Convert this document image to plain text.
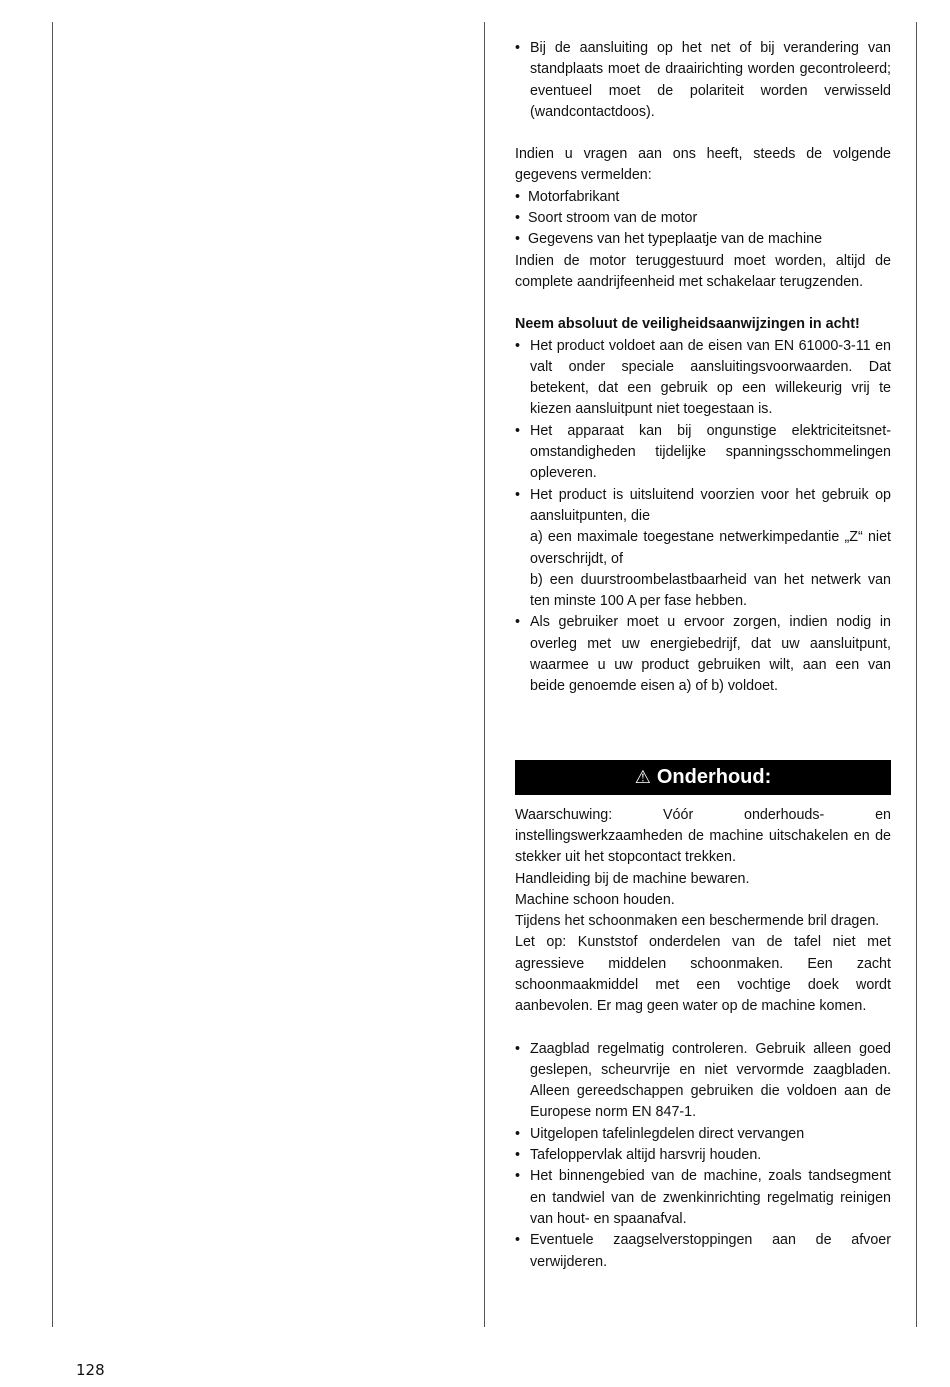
• Bij de aansluiting op het net of bij verandering van standplaats moet de draairichting worden gecontroleerd; eventueel moet de polariteit worden verwisseld (wandcontactdoos).

Indien u vragen aan ons heeft, steeds de volgende gegevens vermelden:

• Motorfabrikant
• Soort stroom van de motor
• Gegevens van het typeplaatje van de machine

Indien de motor teruggestuurd moet worden, altijd de complete aandrijfeenheid met schakelaar terugzenden.

Neem absoluut de veiligheidsaanwijzingen in acht!

• Het product voldoet aan de eisen van EN 61000-3-11 en valt onder speciale aansluitingsvoorwaarden. Dat betekent, dat een gebruik op een willekeurig vrij te kiezen aansluitpunt niet toegestaan is.
• Het apparaat kan bij ongunstige elektriciteitsnet-omstandigheden tijdelijke spanningsschommelingen opleveren.
• Het product is uitsluitend voorzien voor het gebruik op aansluitpunten, die
a) een maximale toegestane netwerkimpedantie „Z“ niet overschrijdt, of
b) een duurstroombelastbaarheid van het netwerk van ten minste 100 A per fase hebben.
• Als gebruiker moet u ervoor zorgen, indien nodig in overleg met uw energiebedrijf, dat uw aansluitpunt, waarmee u uw product gebruiken wilt, aan een van beide genoemde eisen a) of b) voldoet.
⚠ Onderhoud:

Waarschuwing: Vóór onderhouds- en instellingswerkzaamheden de machine uitschakelen en de stekker uit het stopcontact trekken.

Handleiding bij de machine bewaren.

Machine schoon houden.

Tijdens het schoonmaken een beschermende bril dragen.

Let op: Kunststof onderdelen van de tafel niet met agressieve middelen schoonmaken. Een zacht schoonmaakmiddel met een vochtige doek wordt aanbevolen. Er mag geen water op de machine komen.

• Zaagblad regelmatig controleren. Gebruik alleen goed geslepen, scheurvrije en niet vervormde zaagbladen. Alleen gereedschappen gebruiken die voldoen aan de Europese norm EN 847-1.
• Uitgelopen tafelinlegdelen direct vervangen
• Tafeloppervlak altijd harsvrij houden.
• Het binnengebied van de machine, zoals tandsegment en tandwiel van de zwenkinrichting regelmatig reinigen van hout- en spaanafval.
• Eventuele zaagselverstoppingen aan de afvoer verwijderen.
128
